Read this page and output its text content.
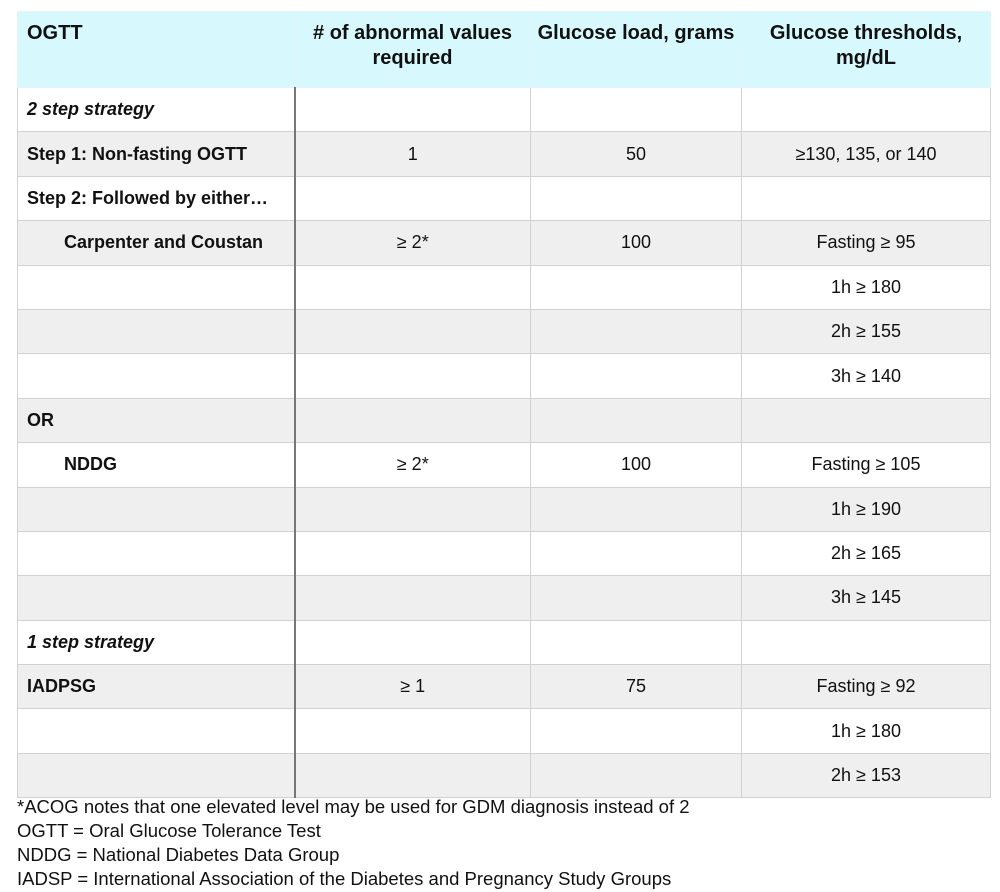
OGTT	# of abnormal values required	Glucose load, grams	Glucose thresholds, mg/dL
2 step strategy			
Step 1: Non-fasting OGTT	1	50	≥130, 135, or 140
Step 2: Followed by either…			
Carpenter and Coustan	≥ 2*	100	Fasting ≥ 95
			1h ≥ 180
			2h ≥ 155
			3h ≥ 140
OR			
NDDG	≥ 2*	100	Fasting ≥ 105
			1h ≥ 190
			2h ≥ 165
			3h ≥ 145
1 step strategy			
IADPSG	≥ 1	75	Fasting ≥ 92
			1h ≥ 180
			2h ≥ 153
*ACOG notes that one elevated level may be used for GDM diagnosis instead of 2
OGTT = Oral Glucose Tolerance Test
NDDG = National Diabetes Data Group
IADSP = International Association of the Diabetes and Pregnancy Study Groups
